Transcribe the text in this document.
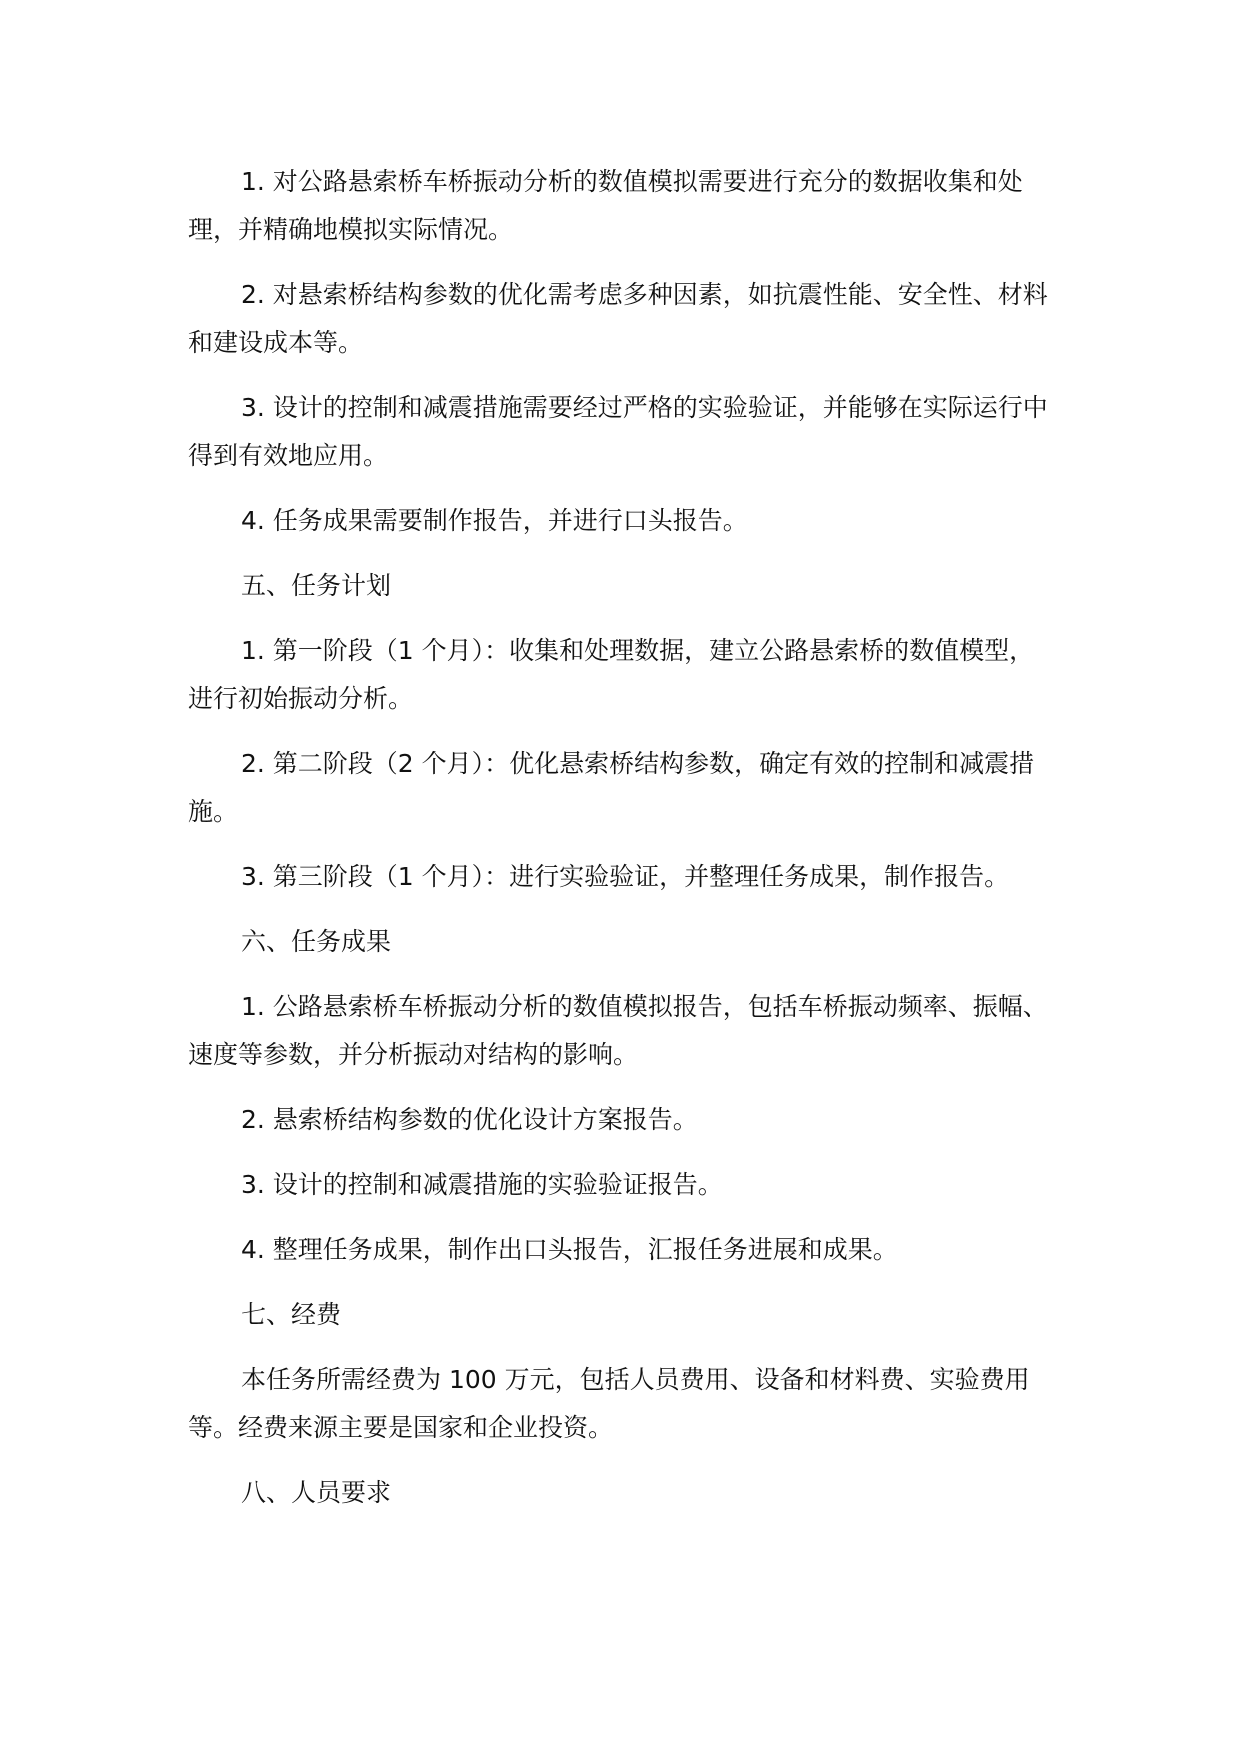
1. 对公路悬索桥车桥振动分析的数值模拟需要进行充分的数据收集和处理，并精确地模拟实际情况。

2. 对悬索桥结构参数的优化需考虑多种因素，如抗震性能、安全性、材料和建设成本等。

3. 设计的控制和减震措施需要经过严格的实验验证，并能够在实际运行中得到有效地应用。

4. 任务成果需要制作报告，并进行口头报告。

五、任务计划

1. 第一阶段（1 个月）：收集和处理数据，建立公路悬索桥的数值模型，进行初始振动分析。

2. 第二阶段（2 个月）：优化悬索桥结构参数，确定有效的控制和减震措施。

3. 第三阶段（1 个月）：进行实验验证，并整理任务成果，制作报告。

六、任务成果

1. 公路悬索桥车桥振动分析的数值模拟报告，包括车桥振动频率、振幅、速度等参数，并分析振动对结构的影响。

2. 悬索桥结构参数的优化设计方案报告。

3. 设计的控制和减震措施的实验验证报告。

4. 整理任务成果，制作出口头报告，汇报任务进展和成果。

七、经费

本任务所需经费为 100 万元，包括人员费用、设备和材料费、实验费用等。经费来源主要是国家和企业投资。

八、人员要求
